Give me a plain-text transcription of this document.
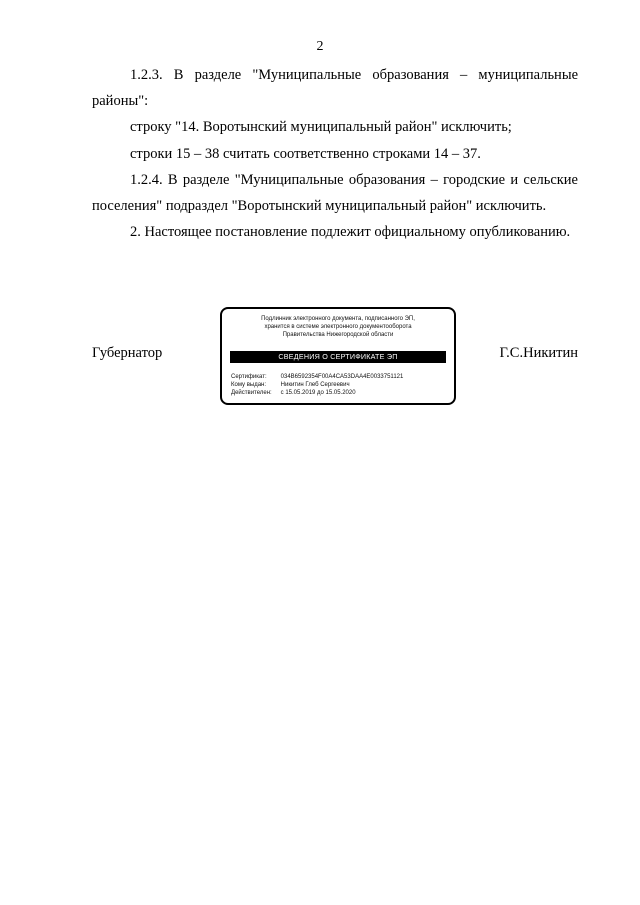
2

1.2.3. В разделе "Муниципальные образования – муниципальные районы":

строку "14. Воротынский муниципальный район" исключить;

строки 15 – 38 считать соответственно строками 14 – 37.

1.2.4. В разделе "Муниципальные образования – городские и сельские поселения" подраздел "Воротынский муниципальный район" исключить.

2. Настоящее постановление подлежит официальному опубликованию.

Губернатор	Г.С.Никитин
Подлинник электронного документа, подписанного ЭП,
хранится в системе электронного документооборота
Правительства Нижегородской области
СВЕДЕНИЯ О СЕРТИФИКАТЕ ЭП
Сертификат: 034B6592354F00A4CA53DAA4E0033751121
Кому выдан: Никитин Глеб Сергеевич
Действителен: с 15.05.2019 до 15.05.2020
